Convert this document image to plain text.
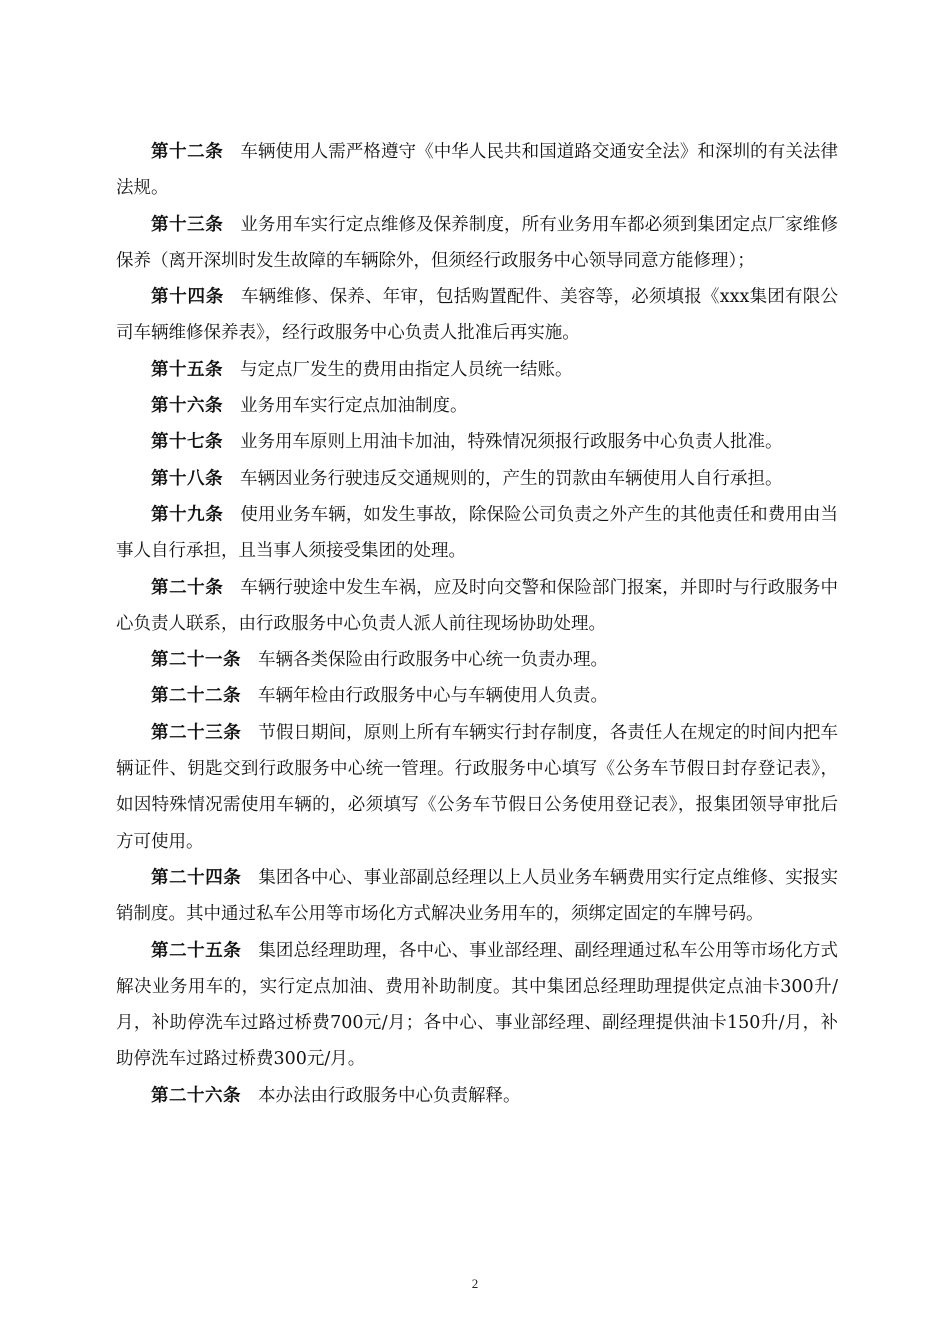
第十二条 车辆使用人需严格遵守《中华人民共和国道路交通安全法》和深圳的有关法律法规。

第十三条 业务用车实行定点维修及保养制度，所有业务用车都必须到集团定点厂家维修保养（离开深圳时发生故障的车辆除外，但须经行政服务中心领导同意方能修理）；

第十四条 车辆维修、保养、年审，包括购置配件、美容等，必须填报《xxx集团有限公司车辆维修保养表》，经行政服务中心负责人批准后再实施。

第十五条 与定点厂发生的费用由指定人员统一结账。

第十六条 业务用车实行定点加油制度。

第十七条 业务用车原则上用油卡加油，特殊情况须报行政服务中心负责人批准。

第十八条 车辆因业务行驶违反交通规则的，产生的罚款由车辆使用人自行承担。

第十九条 使用业务车辆，如发生事故，除保险公司负责之外产生的其他责任和费用由当事人自行承担，且当事人须接受集团的处理。

第二十条 车辆行驶途中发生车祸，应及时向交警和保险部门报案，并即时与行政服务中心负责人联系，由行政服务中心负责人派人前往现场协助处理。

第二十一条 车辆各类保险由行政服务中心统一负责办理。

第二十二条 车辆年检由行政服务中心与车辆使用人负责。

第二十三条 节假日期间，原则上所有车辆实行封存制度，各责任人在规定的时间内把车辆证件、钥匙交到行政服务中心统一管理。行政服务中心填写《公务车节假日封存登记表》，如因特殊情况需使用车辆的，必须填写《公务车节假日公务使用登记表》，报集团领导审批后方可使用。

第二十四条 集团各中心、事业部副总经理以上人员业务车辆费用实行定点维修、实报实销制度。其中通过私车公用等市场化方式解决业务用车的，须绑定固定的车牌号码。

第二十五条 集团总经理助理，各中心、事业部经理、副经理通过私车公用等市场化方式解决业务用车的，实行定点加油、费用补助制度。其中集团总经理助理提供定点油卡300升/月，补助停洗车过路过桥费700元/月；各中心、事业部经理、副经理提供油卡150升/月，补助停洗车过路过桥费300元/月。

第二十六条 本办法由行政服务中心负责解释。

2
